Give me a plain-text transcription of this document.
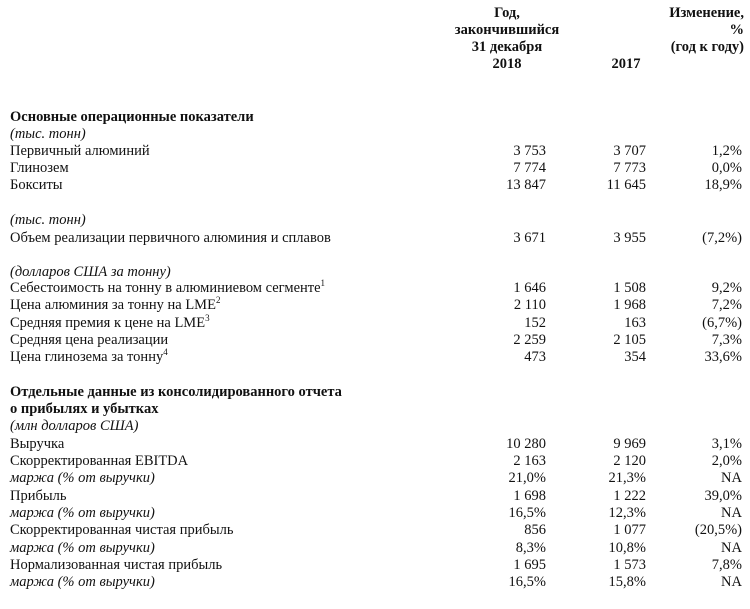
Год,
закончившийся
31 декабря
2018	2017
Изменение,
%
(год к году)
Основные операционные показатели
(тыс. тонн)
Первичный алюминий	3 753	3 707	1,2%
Глинозем	7 774	7 773	0,0%
Бокситы	13 847	11 645	18,9%
(тыс. тонн)
Объем реализации первичного алюминия и сплавов	3 671	3 955	(7,2%)
(долларов США за тонну)
Себестоимость на тонну в алюминиевом сегменте$^1$	1 646	1 508	9,2%
Цена алюминия за тонну на LME$^2$	2 110	1 968	7,2%
Средняя премия к цене на LME$^3$	152	163	(6,7%)
Средняя цена реализации	2 259	2 105	7,3%
Цена глинозема за тонну$^4$	473	354	33,6%
Отдельные данные из консолидированного отчета
о прибылях и убытках
(млн долларов США)
Выручка	10 280	9 969	3,1%
Скорректированная EBITDA	2 163	2 120	2,0%
маржа (% от выручки)	21,0%	21,3%	NA
Прибыль	1 698	1 222	39,0%
маржа (% от выручки)	16,5%	12,3%	NA
Скорректированная чистая прибыль	856	1 077	(20,5%)
маржа (% от выручки)	8,3%	10,8%	NA
Нормализованная чистая прибыль	1 695	1 573	7,8%
маржа (% от выручки)	16,5%	15,8%	NA
